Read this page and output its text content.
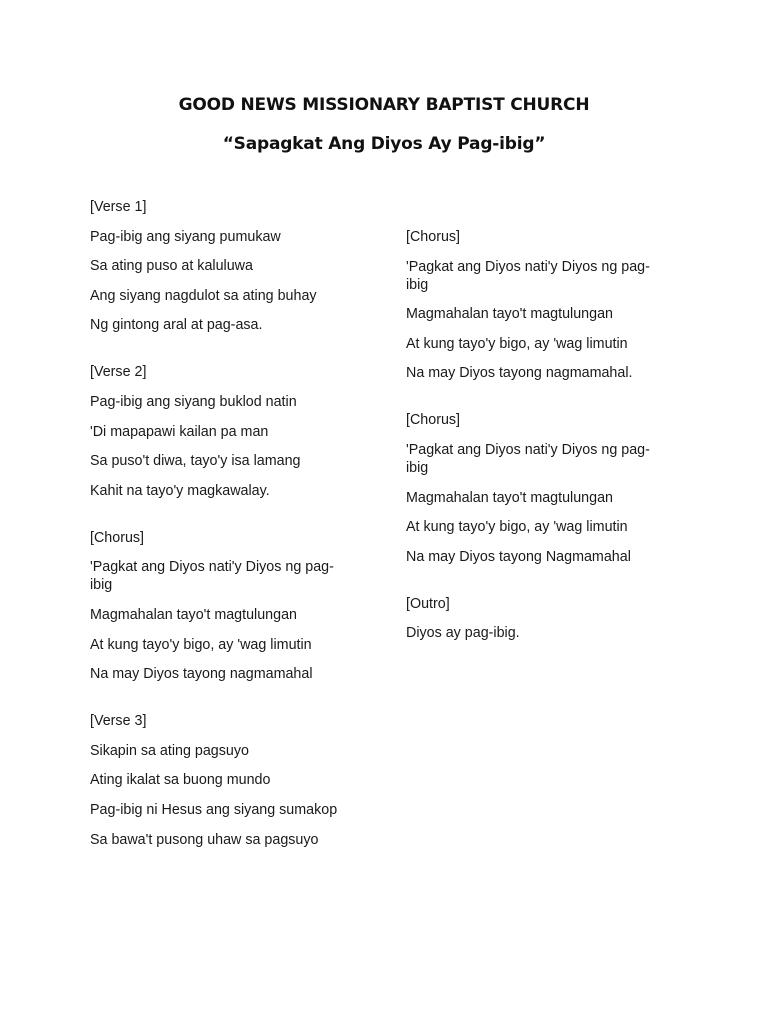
GOOD NEWS MISSIONARY BAPTIST CHURCH
“Sapagkat Ang Diyos Ay Pag-ibig”
[Verse 1]
Pag-ibig ang siyang pumukaw
Sa ating puso at kaluluwa
Ang siyang nagdulot sa ating buhay
Ng gintong aral at pag-asa.
[Verse 2]
Pag-ibig ang siyang buklod natin
'Di mapapawi kailan pa man
Sa puso't diwa, tayo'y isa lamang
Kahit na tayo'y magkawalay.
[Chorus]
'Pagkat ang Diyos nati'y Diyos ng pag-ibig
Magmahalan tayo't magtulungan
At kung tayo'y bigo, ay 'wag limutin
Na may Diyos tayong nagmamahal
[Verse 3]
Sikapin sa ating pagsuyo
Ating ikalat sa buong mundo
Pag-ibig ni Hesus ang siyang sumakop
Sa bawa't pusong uhaw sa pagsuyo
[Chorus]
'Pagkat ang Diyos nati'y Diyos ng pag-ibig
Magmahalan tayo't magtulungan
At kung tayo'y bigo, ay 'wag limutin
Na may Diyos tayong nagmamahal.
[Chorus]
'Pagkat ang Diyos nati'y Diyos ng pag-ibig
Magmahalan tayo't magtulungan
At kung tayo'y bigo, ay 'wag limutin
Na may Diyos tayong Nagmamahal
[Outro]
Diyos ay pag-ibig.
